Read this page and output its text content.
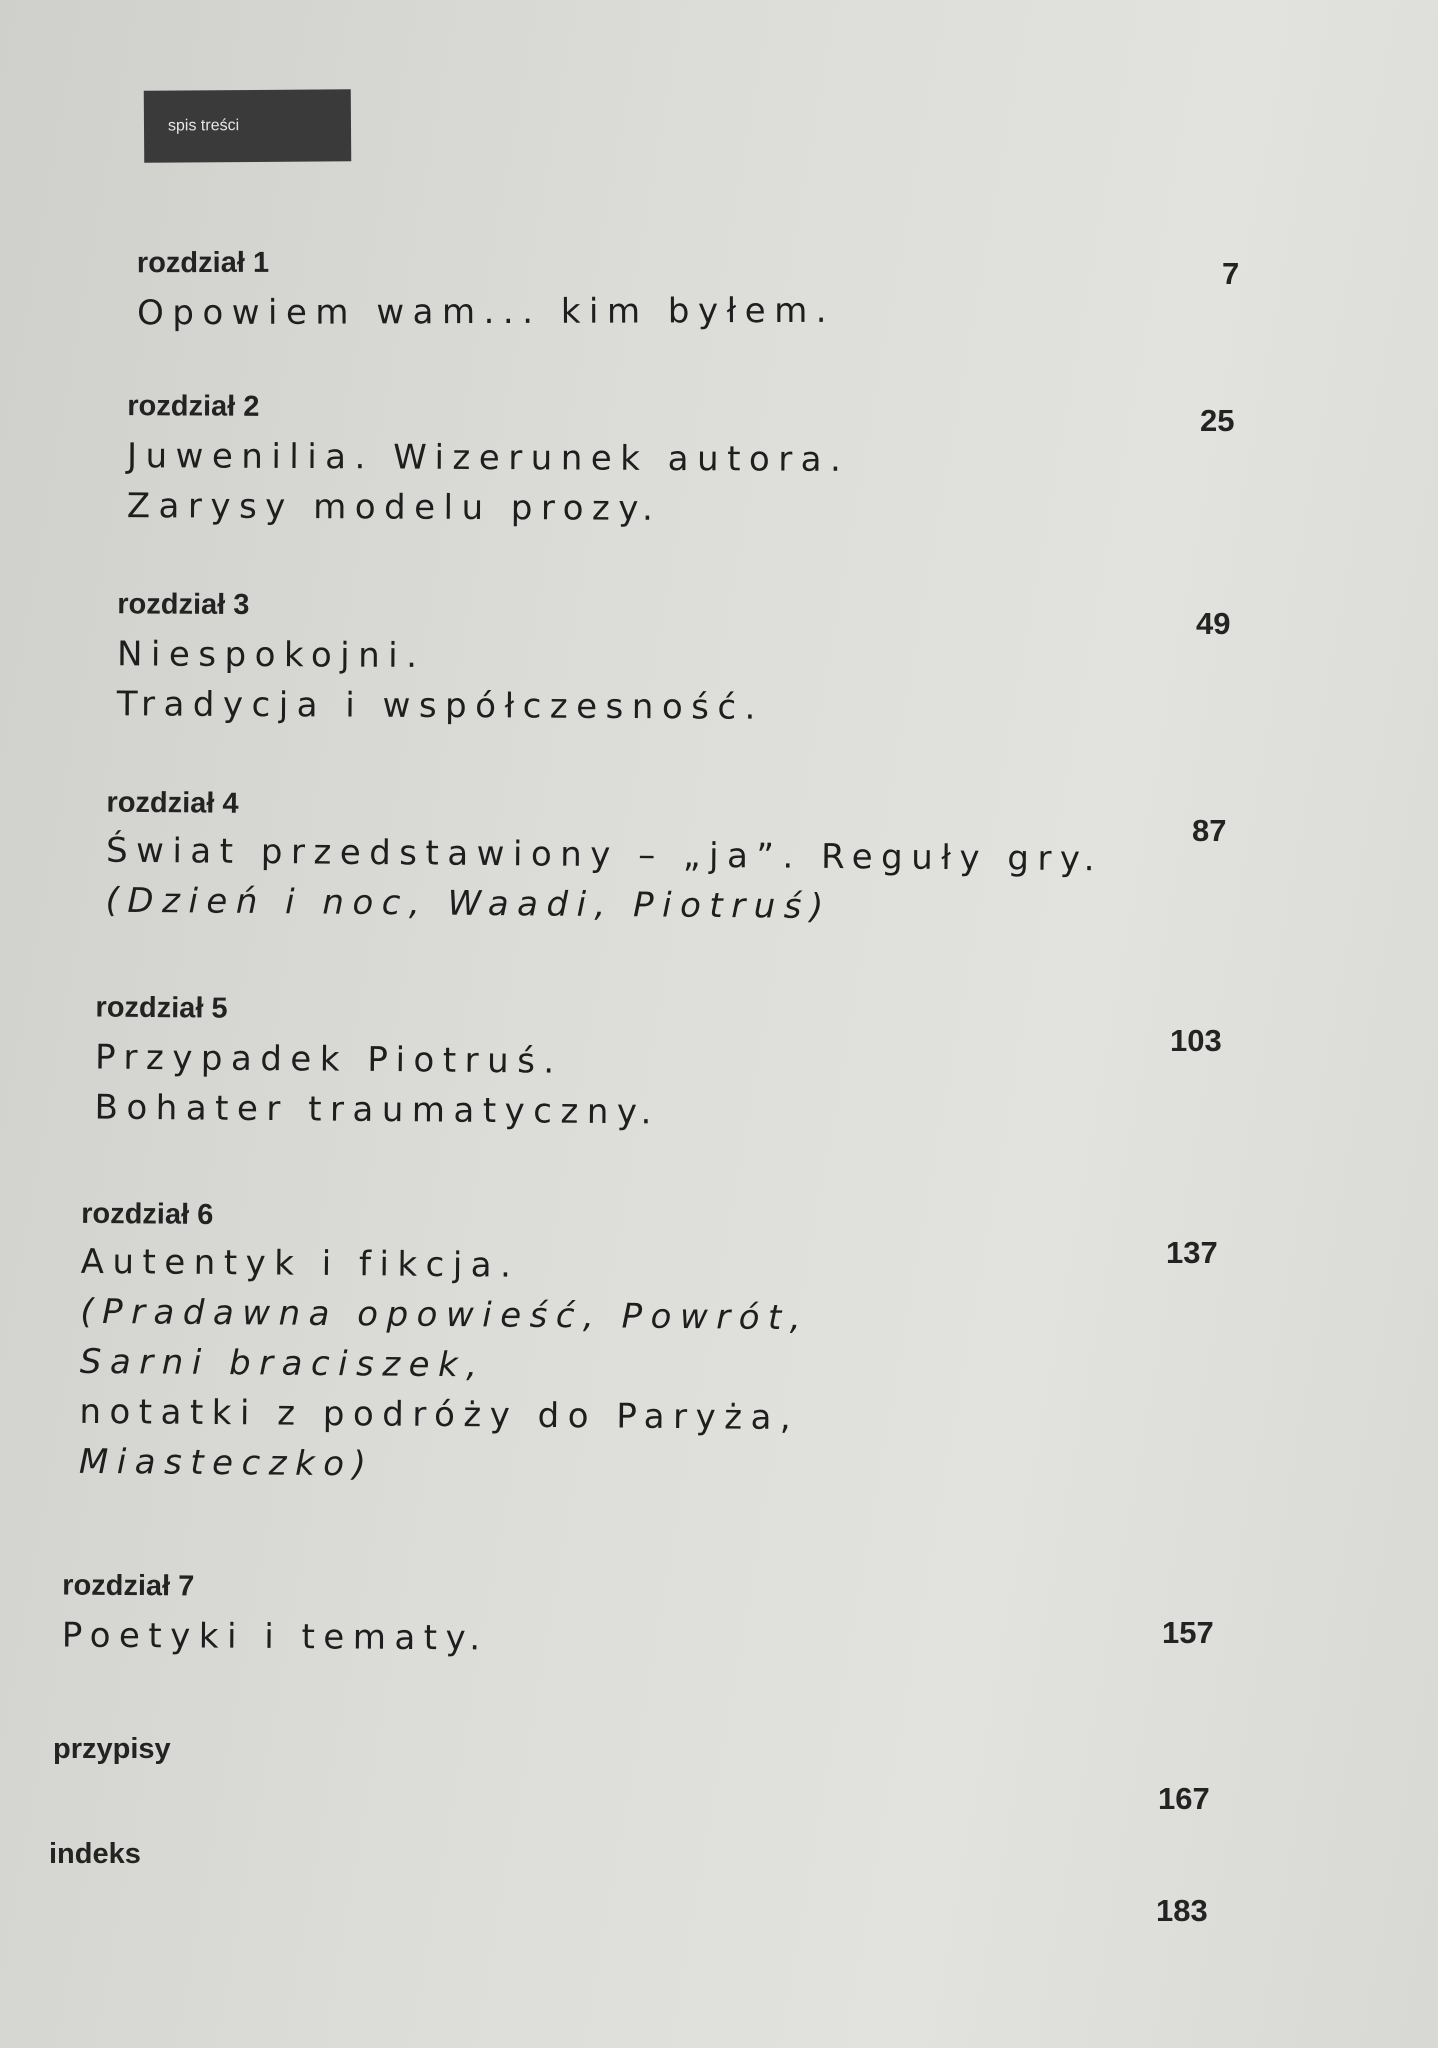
spis treści
rozdział 1
Opowiem wam... kim byłem.
7
rozdział 2
Juwenilia. Wizerunek autora.
Zarysy modelu prozy.
25
rozdział 3
Niespokojni.
Tradycja i współczesność.
49
rozdział 4
Świat przedstawiony – „ja”. Reguły gry.
(Dzień i noc, Waadi, Piotruś)
87
rozdział 5
Przypadek Piotruś.
Bohater traumatyczny.
103
rozdział 6
Autentyk i fikcja.
(Pradawna opowieść, Powrót,
Sarni braciszek,
notatki z podróży do Paryża,
Miasteczko)
137
rozdział 7
Poetyki i tematy.	157
przypisy
167
indeks
183
